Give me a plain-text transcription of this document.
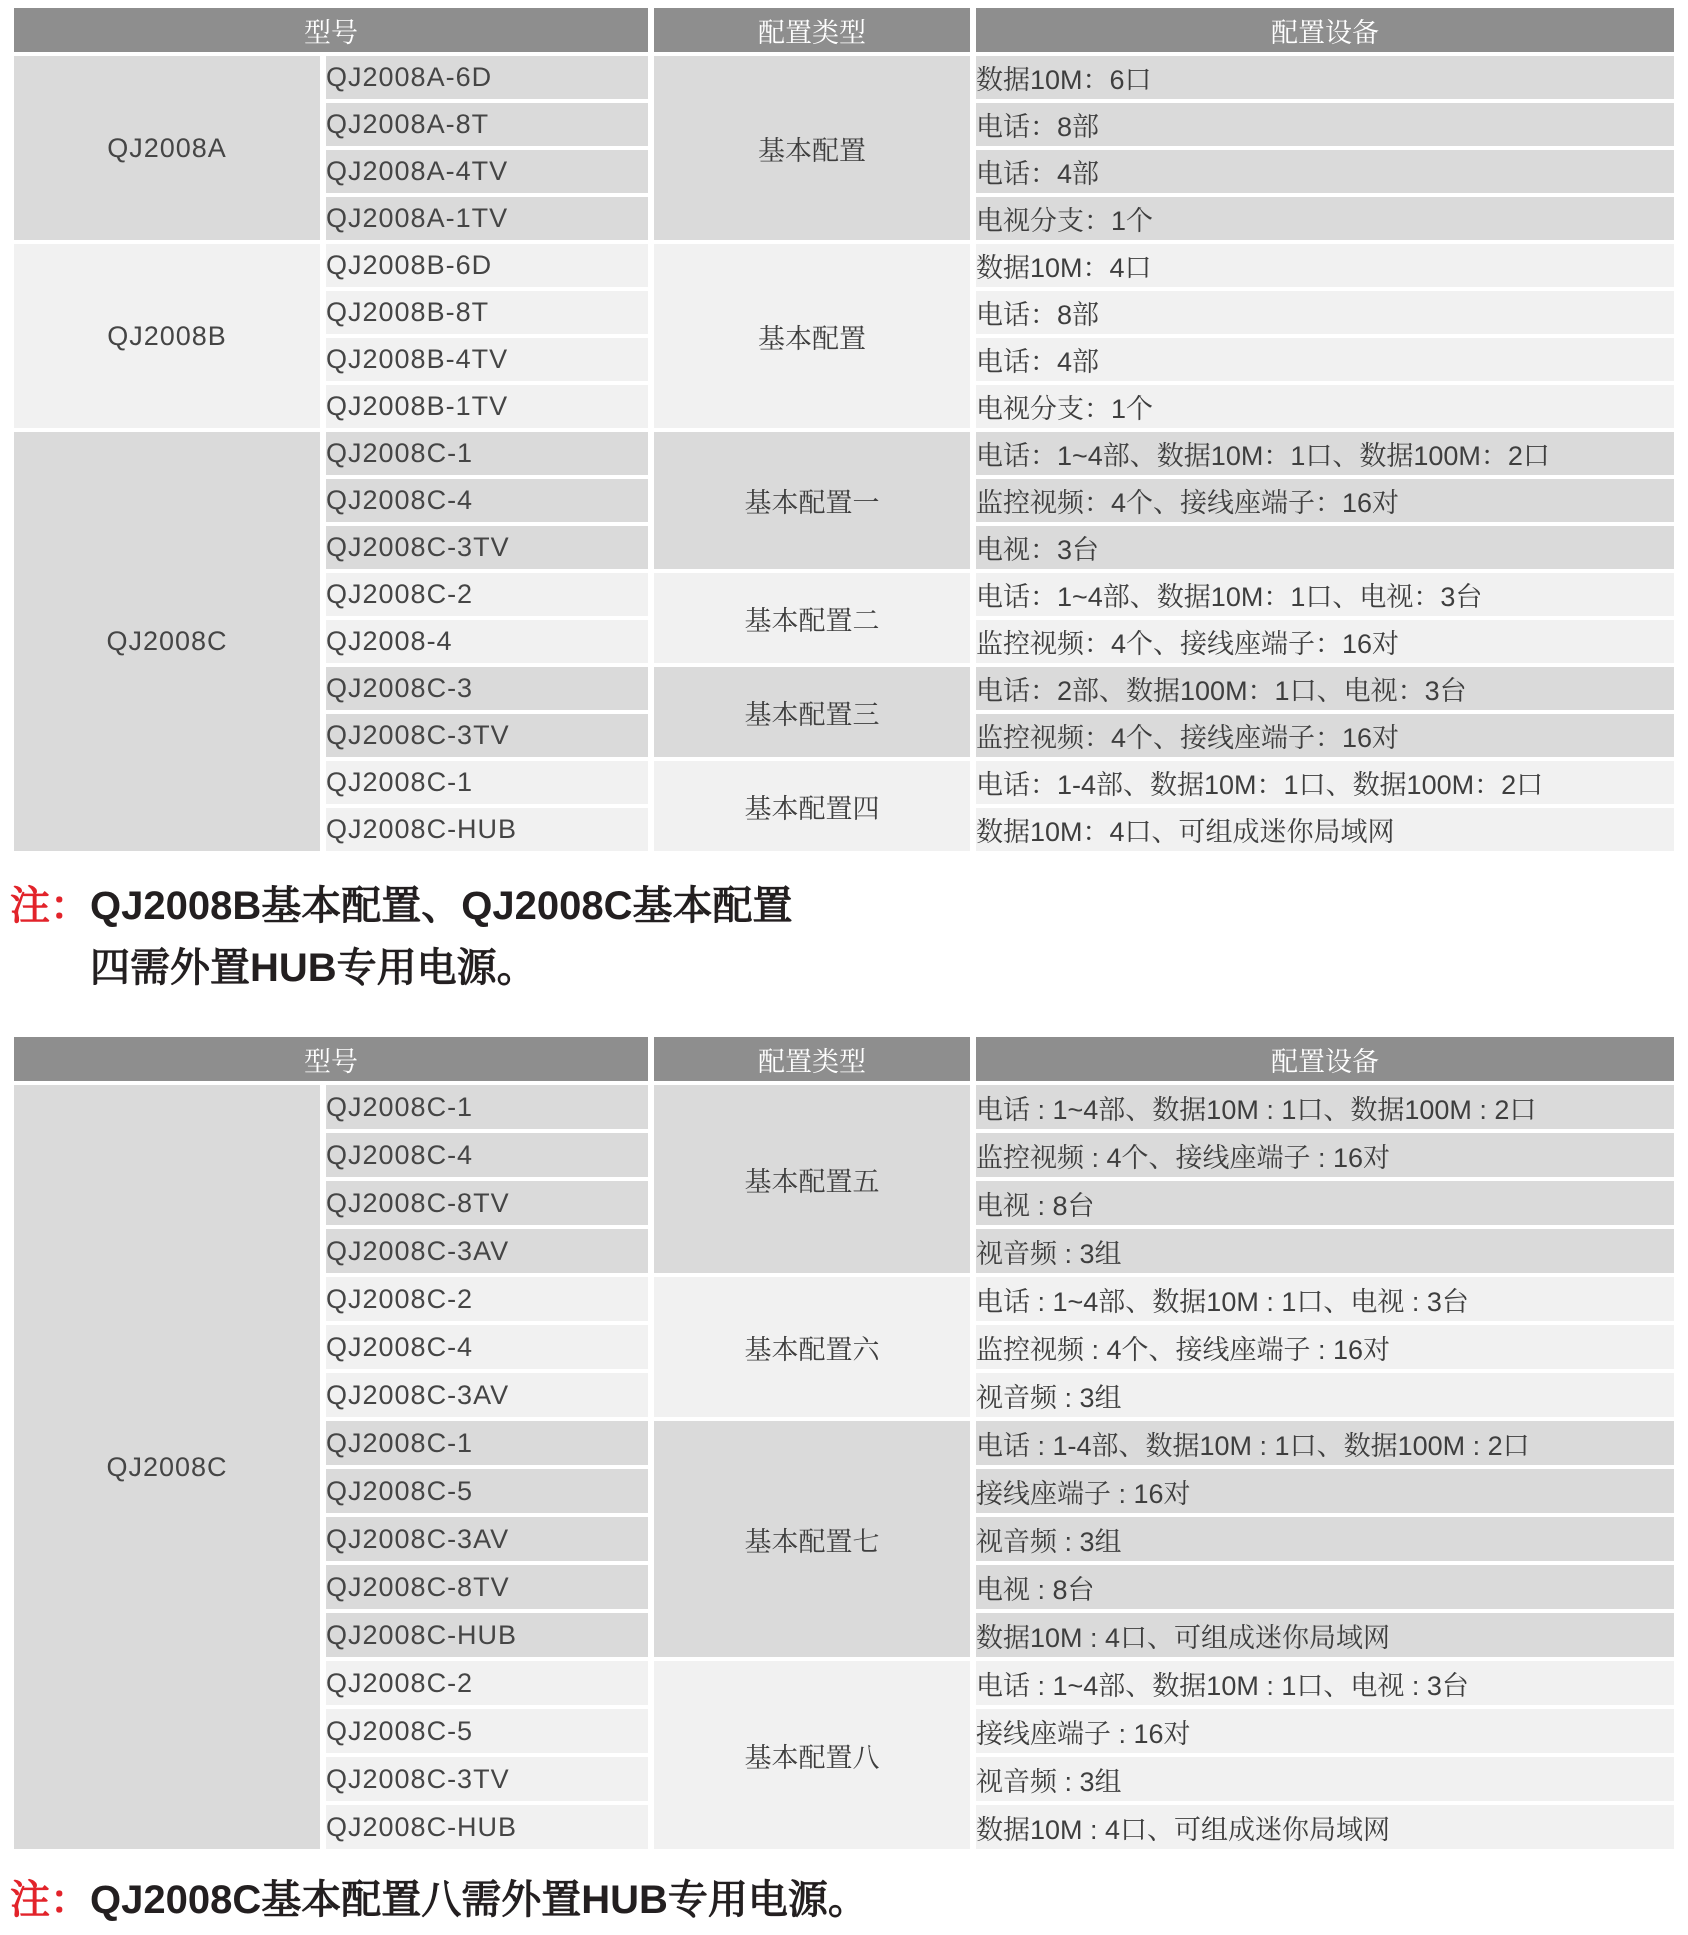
型号		配置类型	配置设备
QJ2008A	QJ2008A-6D	基本配置	数据10M：6口
	QJ2008A-8T		电话：8部
	QJ2008A-4TV		电话：4部
	QJ2008A-1TV		电视分支：1个
QJ2008B	QJ2008B-6D	基本配置	数据10M：4口
	QJ2008B-8T		电话：8部
	QJ2008B-4TV		电话：4部
	QJ2008B-1TV		电视分支：1个
QJ2008C	QJ2008C-1	基本配置一	电话：1~4部、数据10M：1口、数据100M：2口
	QJ2008C-4		监控视频：4个、接线座端子：16对
	QJ2008C-3TV		电视：3台
	QJ2008C-2	基本配置二	电话：1~4部、数据10M：1口、电视：3台
	QJ2008-4		监控视频：4个、接线座端子：16对
	QJ2008C-3	基本配置三	电话：2部、数据100M：1口、电视：3台
	QJ2008C-3TV		监控视频：4个、接线座端子：16对
	QJ2008C-1	基本配置四	电话：1-4部、数据10M：1口、数据100M：2口
	QJ2008C-HUB		数据10M：4口、可组成迷你局域网
注： QJ2008B基本配置、QJ2008C基本配置
四需外置HUB专用电源。
型号		配置类型	配置设备
QJ2008C	QJ2008C-1	基本配置五	电话 : 1~4部、数据10M : 1口、数据100M : 2口
	QJ2008C-4		监控视频 : 4个、接线座端子 : 16对
	QJ2008C-8TV		电视 : 8台
	QJ2008C-3AV		视音频 : 3组
	QJ2008C-2	基本配置六	电话 : 1~4部、数据10M : 1口、电视 : 3台
	QJ2008C-4		监控视频 : 4个、接线座端子 : 16对
	QJ2008C-3AV		视音频 : 3组
	QJ2008C-1	基本配置七	电话 : 1-4部、数据10M : 1口、数据100M : 2口
	QJ2008C-5		接线座端子 : 16对
	QJ2008C-3AV		视音频 : 3组
	QJ2008C-8TV		电视 : 8台
	QJ2008C-HUB		数据10M : 4口、可组成迷你局域网
	QJ2008C-2	基本配置八	电话 : 1~4部、数据10M : 1口、电视 : 3台
	QJ2008C-5		接线座端子 : 16对
	QJ2008C-3TV		视音频 : 3组
	QJ2008C-HUB		数据10M : 4口、可组成迷你局域网
注： QJ2008C基本配置八需外置HUB专用电源。
